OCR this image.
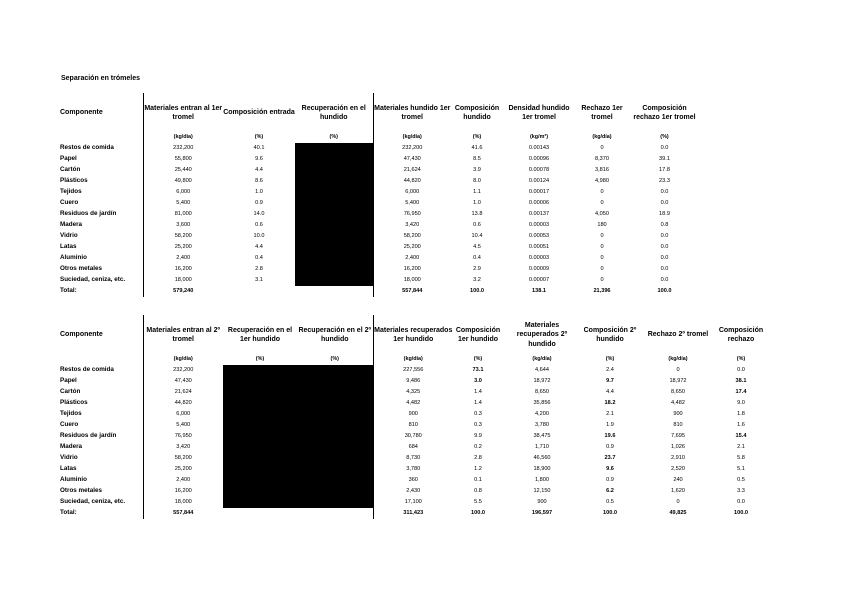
Separación en trómeles
Componente	Materiales entran al 1er tromel	Composición entrada	Recuperación en el hundido	Materiales hundido 1er tromel	Composición hundido	Densidad hundido 1er tromel	Rechazo 1er tromel	Composición rechazo 1er tromel
	(kg/día)	(%)	(%)	(kg/día)	(%)	(kg/m³)	(kg/día)	(%)
Restos de comida	232,200	40.1		232,200	41.6	0.00143	0	0.0
Papel	55,800	9.6		47,430	8.5	0.00096	8,370	39.1
Cartón	25,440	4.4		21,624	3.9	0.00078	3,816	17.8
Plásticos	49,800	8.6		44,820	8.0	0.00124	4,980	23.3
Tejidos	6,000	1.0		6,000	1.1	0.00017	0	0.0
Cuero	5,400	0.9		5,400	1.0	0.00006	0	0.0
Residuos de jardín	81,000	14.0		76,950	13.8	0.00137	4,050	18.9
Madera	3,600	0.6		3,420	0.6	0.00003	180	0.8
Vidrio	58,200	10.0		58,200	10.4	0.00053	0	0.0
Latas	25,200	4.4		25,200	4.5	0.00051	0	0.0
Aluminio	2,400	0.4		2,400	0.4	0.00003	0	0.0
Otros metales	16,200	2.8		16,200	2.9	0.00009	0	0.0
Suciedad, ceniza, etc.	18,000	3.1		18,000	3.2	0.00007	0	0.0
Total:	579,240			557,844	100.0	138.1	21,396	100.0
Componente	Materiales entran al 2º tromel	Recuperación en el 1er hundido	Recuperación en el 2º hundido	Materiales recuperados 1er hundido	Composición 1er hundido	Materiales recuperados 2º hundido	Composición 2º hundido	Rechazo 2º tromel	Composición rechazo
	(kg/día)	(%)	(%)	(kg/día)	(%)	(kg/día)	(%)	(kg/día)	(%)
Restos de comida	232,200			227,556	73.1	4,644	2.4	0	0.0
Papel	47,430			9,486	3.0	18,972	9.7	18,972	38.1
Cartón	21,624			4,325	1.4	8,650	4.4	8,650	17.4
Plásticos	44,820			4,482	1.4	35,856	18.2	4,482	9.0
Tejidos	6,000			900	0.3	4,200	2.1	900	1.8
Cuero	5,400			810	0.3	3,780	1.9	810	1.6
Residuos de jardín	76,950			30,780	9.9	38,475	19.6	7,695	15.4
Madera	3,420			684	0.2	1,710	0.9	1,026	2.1
Vidrio	58,200			8,730	2.8	46,560	23.7	2,910	5.8
Latas	25,200			3,780	1.2	18,900	9.6	2,520	5.1
Aluminio	2,400			360	0.1	1,800	0.9	240	0.5
Otros metales	16,200			2,430	0.8	12,150	6.2	1,620	3.3
Suciedad, ceniza, etc.	18,000			17,100	5.5	900	0.5	0	0.0
Total:	557,844			311,423	100.0	196,597	100.0	49,825	100.0
